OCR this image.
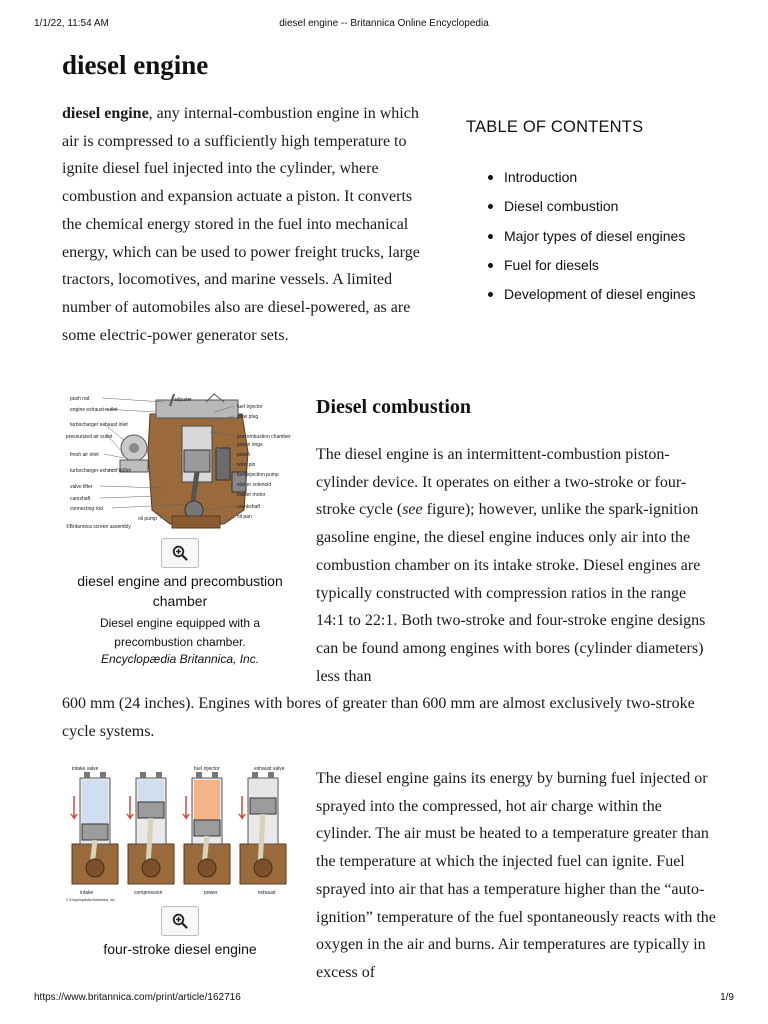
1/1/22, 11:54 AM	diesel engine -- Britannica Online Encyclopedia
diesel engine

diesel engine, any internal-combustion engine in which air is compressed to a sufficiently high temperature to ignite diesel fuel injected into the cylinder, where combustion and expansion actuate a piston. It converts the chemical energy stored in the fuel into mechanical energy, which can be used to power freight trucks, large tractors, locomotives, and marine vessels. A limited number of automobiles also are diesel-powered, as are some electric-power generator sets.

TABLE OF CONTENTS
Introduction
Diesel combustion
Major types of diesel engines
Fuel for diesels
Development of diesel engines
adjuster
push rod
engine exhaust outlet
turbocharger exhaust inlet
pressurized air outlet
fresh air inlet
turbocharger exhaust outlet
valve lifter
camshaft
connecting rod
oil pump
©Britannica screen assembly
fuel injector
glow plug
precombustion chamber
piston rings
piston
wrist pin
fuel injection pump
starter solenoid
starter motor
crankshaft
oil pan
diesel engine and precombustion chamber
Diesel engine equipped with a precombustion chamber.
Encyclopædia Britannica, Inc.
Diesel combustion

The diesel engine is an intermittent-combustion piston-cylinder device. It operates on either a two-stroke or four-stroke cycle (see figure); however, unlike the spark-ignition gasoline engine, the diesel engine induces only air into the combustion chamber on its intake stroke. Diesel engines are typically constructed with compression ratios in the range 14:1 to 22:1. Both two-stroke and four-stroke engine designs can be found among engines with bores (cylinder diameters) less than

600 mm (24 inches). Engines with bores of greater than 600 mm are almost exclusively two-stroke cycle systems.

intake valve	fuel injector	exhaust valve
intake	compression	power	exhaust
© Encyclopædia Britannica, Inc.
four-stroke diesel engine

The diesel engine gains its energy by burning fuel injected or sprayed into the compressed, hot air charge within the cylinder. The air must be heated to a temperature greater than the temperature at which the injected fuel can ignite. Fuel sprayed into air that has a temperature higher than the “auto-ignition” temperature of the fuel spontaneously reacts with the oxygen in the air and burns. Air temperatures are typically in excess of

https://www.britannica.com/print/article/162716	1/9
